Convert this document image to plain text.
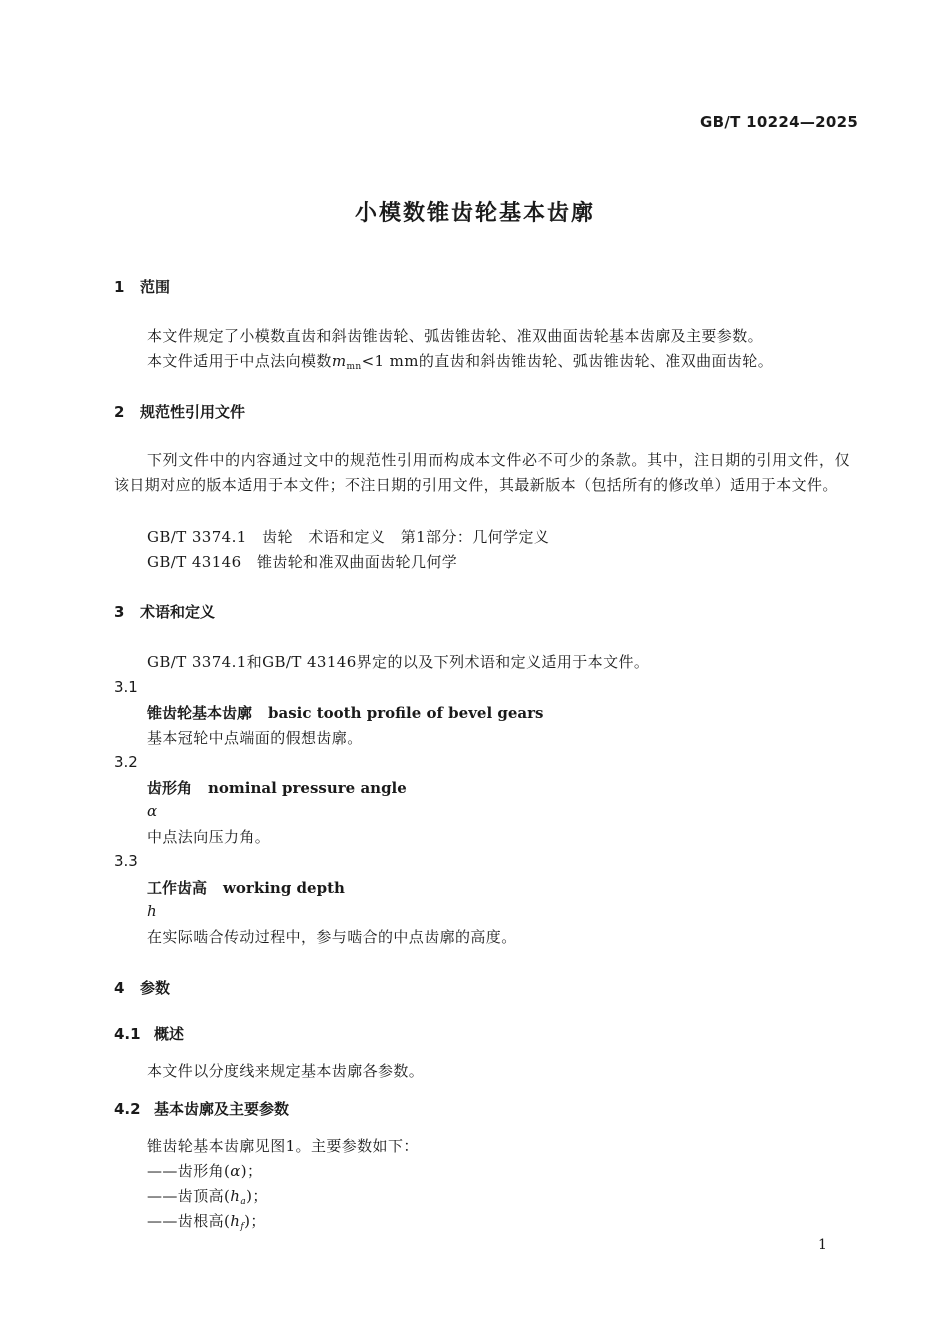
GB/T 10224—2025
小模数锥齿轮基本齿廓
1 范围
本文件规定了小模数直齿和斜齿锥齿轮、弧齿锥齿轮、准双曲面齿轮基本齿廓及主要参数。
本文件适用于中点法向模数$m_{mn}<1$ mm的直齿和斜齿锥齿轮、弧齿锥齿轮、准双曲面齿轮。
2 规范性引用文件
下列文件中的内容通过文中的规范性引用而构成本文件必不可少的条款。其中，注日期的引用文件，仅该日期对应的版本适用于本文件；不注日期的引用文件，其最新版本（包括所有的修改单）适用于本文件。
GB/T 3374.1　齿轮　术语和定义　第1部分：几何学定义
GB/T 43146　锥齿轮和准双曲面齿轮几何学
3 术语和定义
GB/T 3374.1和GB/T 43146界定的以及下列术语和定义适用于本文件。
3.1
锥齿轮基本齿廓 basic tooth profile of bevel gears
基本冠轮中点端面的假想齿廓。
3.2
齿形角 nominal pressure angle
α
中点法向压力角。
3.3
工作齿高 working depth
h
在实际啮合传动过程中，参与啮合的中点齿廓的高度。
4 参数
4.1 概述
本文件以分度线来规定基本齿廓各参数。
4.2 基本齿廓及主要参数
锥齿轮基本齿廓见图1。主要参数如下：
——齿形角(α)；
——齿顶高$(h_a)$；
——齿根高$(h_f)$；
1
